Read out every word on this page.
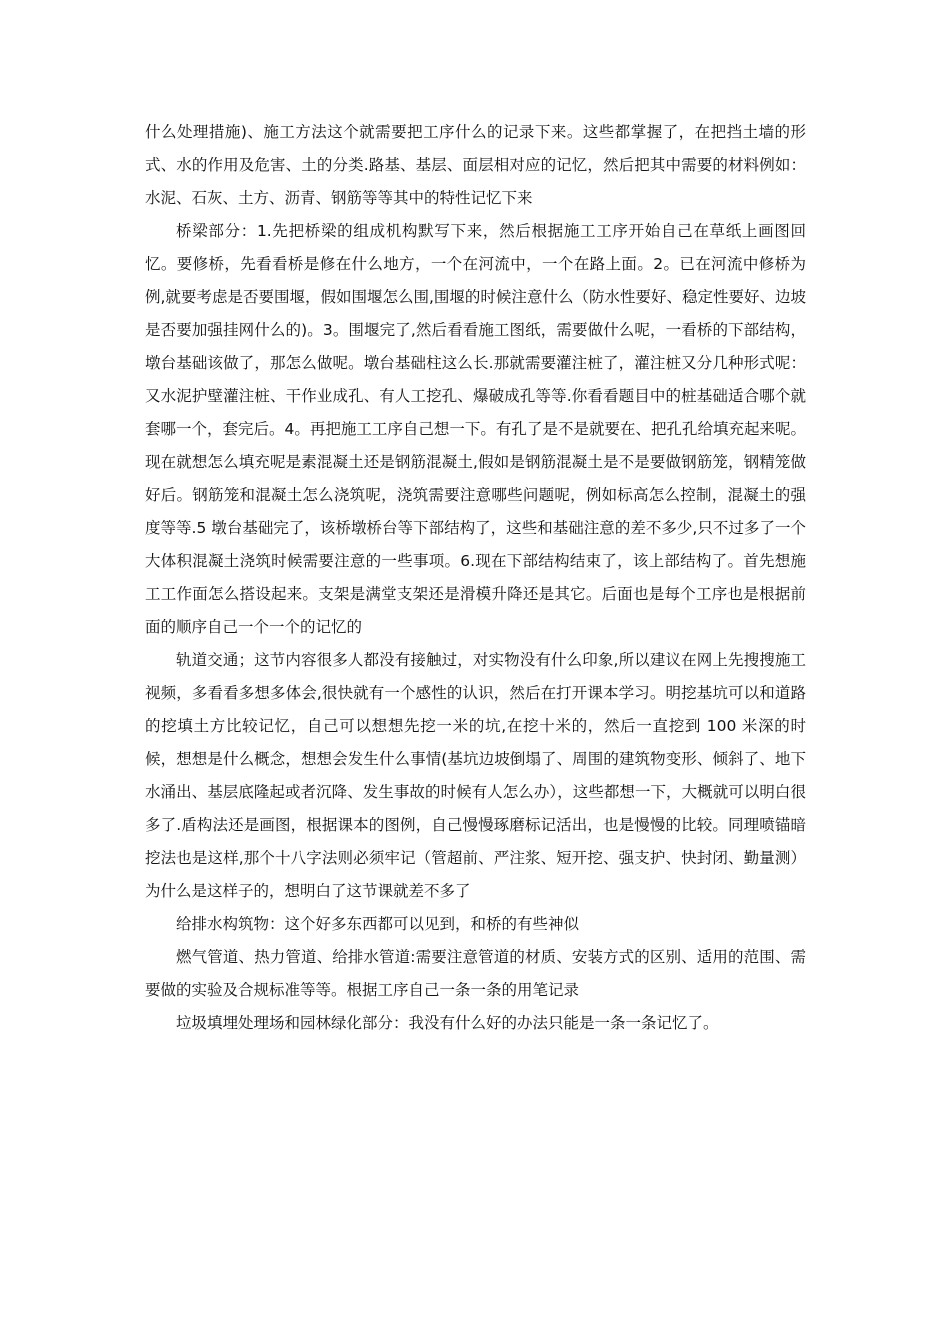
什么处理措施)、施工方法这个就需要把工序什么的记录下来。这些都掌握了，在把挡土墙的形式、水的作用及危害、土的分类.路基、基层、面层相对应的记忆，然后把其中需要的材料例如：水泥、石灰、土方、沥青、钢筋等等其中的特性记忆下来

桥梁部分：1.先把桥梁的组成机构默写下来，然后根据施工工序开始自己在草纸上画图回忆。要修桥，先看看桥是修在什么地方，一个在河流中，一个在路上面。2。已在河流中修桥为例,就要考虑是否要围堰，假如围堰怎么围,围堰的时候注意什么（防水性要好、稳定性要好、边坡是否要加强挂网什么的)。3。围堰完了,然后看看施工图纸，需要做什么呢，一看桥的下部结构，墩台基础该做了，那怎么做呢。墩台基础柱这么长.那就需要灌注桩了，灌注桩又分几种形式呢：又水泥护壁灌注桩、干作业成孔、有人工挖孔、爆破成孔等等.你看看题目中的桩基础适合哪个就套哪一个，套完后。4。再把施工工序自己想一下。有孔了是不是就要在、把孔孔给填充起来呢。现在就想怎么填充呢是素混凝土还是钢筋混凝土,假如是钢筋混凝土是不是要做钢筋笼，钢精笼做好后。钢筋笼和混凝土怎么浇筑呢，浇筑需要注意哪些问题呢，例如标高怎么控制，混凝土的强度等等.5 墩台基础完了，该桥墩桥台等下部结构了，这些和基础注意的差不多少,只不过多了一个大体积混凝土浇筑时候需要注意的一些事项。6.现在下部结构结束了，该上部结构了。首先想施工工作面怎么搭设起来。支架是满堂支架还是滑模升降还是其它。后面也是每个工序也是根据前面的顺序自己一个一个的记忆的

轨道交通；这节内容很多人都没有接触过，对实物没有什么印象,所以建议在网上先搜搜施工视频，多看看多想多体会,很快就有一个感性的认识，然后在打开课本学习。明挖基坑可以和道路的挖填土方比较记忆，自己可以想想先挖一米的坑,在挖十米的，然后一直挖到 100 米深的时候，想想是什么概念，想想会发生什么事情(基坑边坡倒塌了、周围的建筑物变形、倾斜了、地下水涌出、基层底隆起或者沉降、发生事故的时候有人怎么办），这些都想一下，大概就可以明白很多了.盾构法还是画图，根据课本的图例，自己慢慢琢磨标记活出，也是慢慢的比较。同理喷锚暗挖法也是这样,那个十八字法则必须牢记（管超前、严注浆、短开挖、强支护、快封闭、勤量测）为什么是这样子的，想明白了这节课就差不多了

给排水构筑物：这个好多东西都可以见到，和桥的有些神似

燃气管道、热力管道、给排水管道:需要注意管道的材质、安装方式的区别、适用的范围、需要做的实验及合规标准等等。根据工序自己一条一条的用笔记录

垃圾填埋处理场和园林绿化部分：我没有什么好的办法只能是一条一条记忆了。
